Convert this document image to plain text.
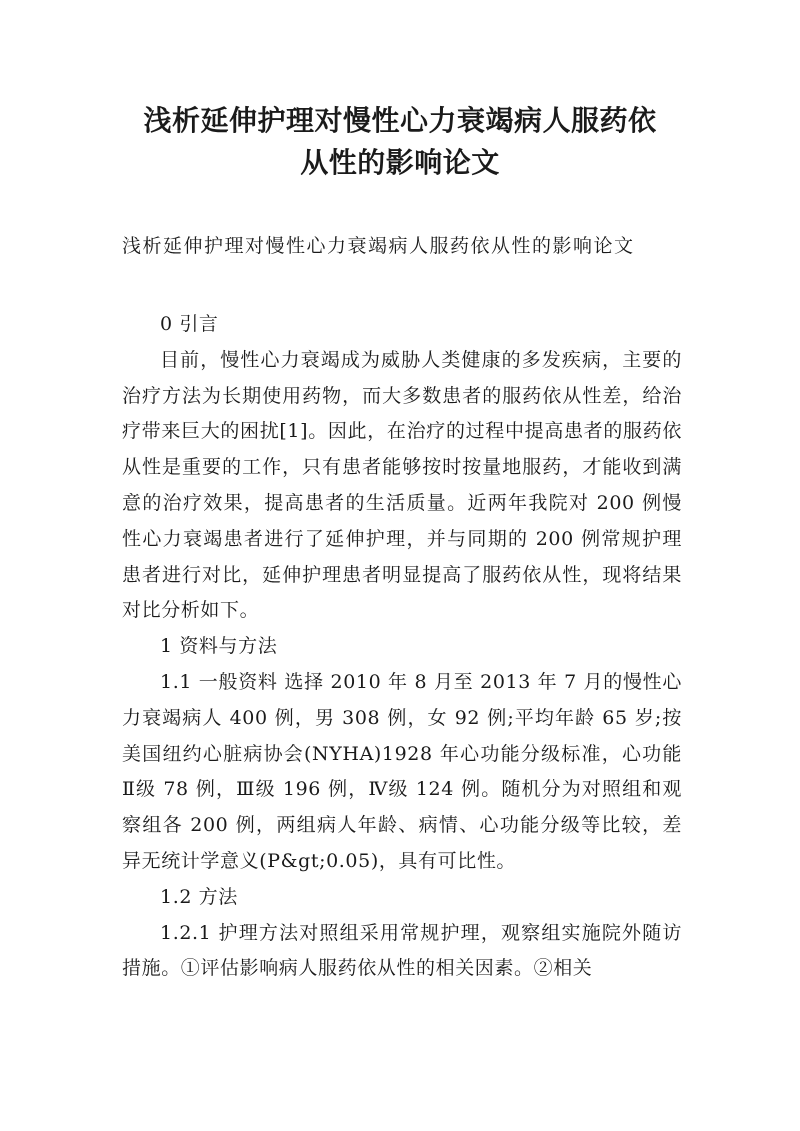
浅析延伸护理对慢性心力衰竭病人服药依
从性的影响论文
浅析延伸护理对慢性心力衰竭病人服药依从性的影响论文

0 引言

目前，慢性心力衰竭成为威胁人类健康的多发疾病，主要的治疗方法为长期使用药物，而大多数患者的服药依从性差，给治疗带来巨大的困扰[1]。因此，在治疗的过程中提高患者的服药依从性是重要的工作，只有患者能够按时按量地服药，才能收到满意的治疗效果，提高患者的生活质量。近两年我院对 200 例慢性心力衰竭患者进行了延伸护理，并与同期的 200 例常规护理患者进行对比，延伸护理患者明显提高了服药依从性，现将结果对比分析如下。

1 资料与方法

1.1 一般资料 选择 2010 年 8 月至 2013 年 7 月的慢性心力衰竭病人 400 例，男 308 例，女 92 例;平均年龄 65 岁;按美国纽约心脏病协会(NYHA)1928 年心功能分级标准，心功能Ⅱ级 78 例，Ⅲ级 196 例，Ⅳ级 124 例。随机分为对照组和观察组各 200 例，两组病人年龄、病情、心功能分级等比较，差异无统计学意义(P&gt;0.05)，具有可比性。

1.2 方法

1.2.1 护理方法对照组采用常规护理，观察组实施院外随访措施。①评估影响病人服药依从性的相关因素。②相关
